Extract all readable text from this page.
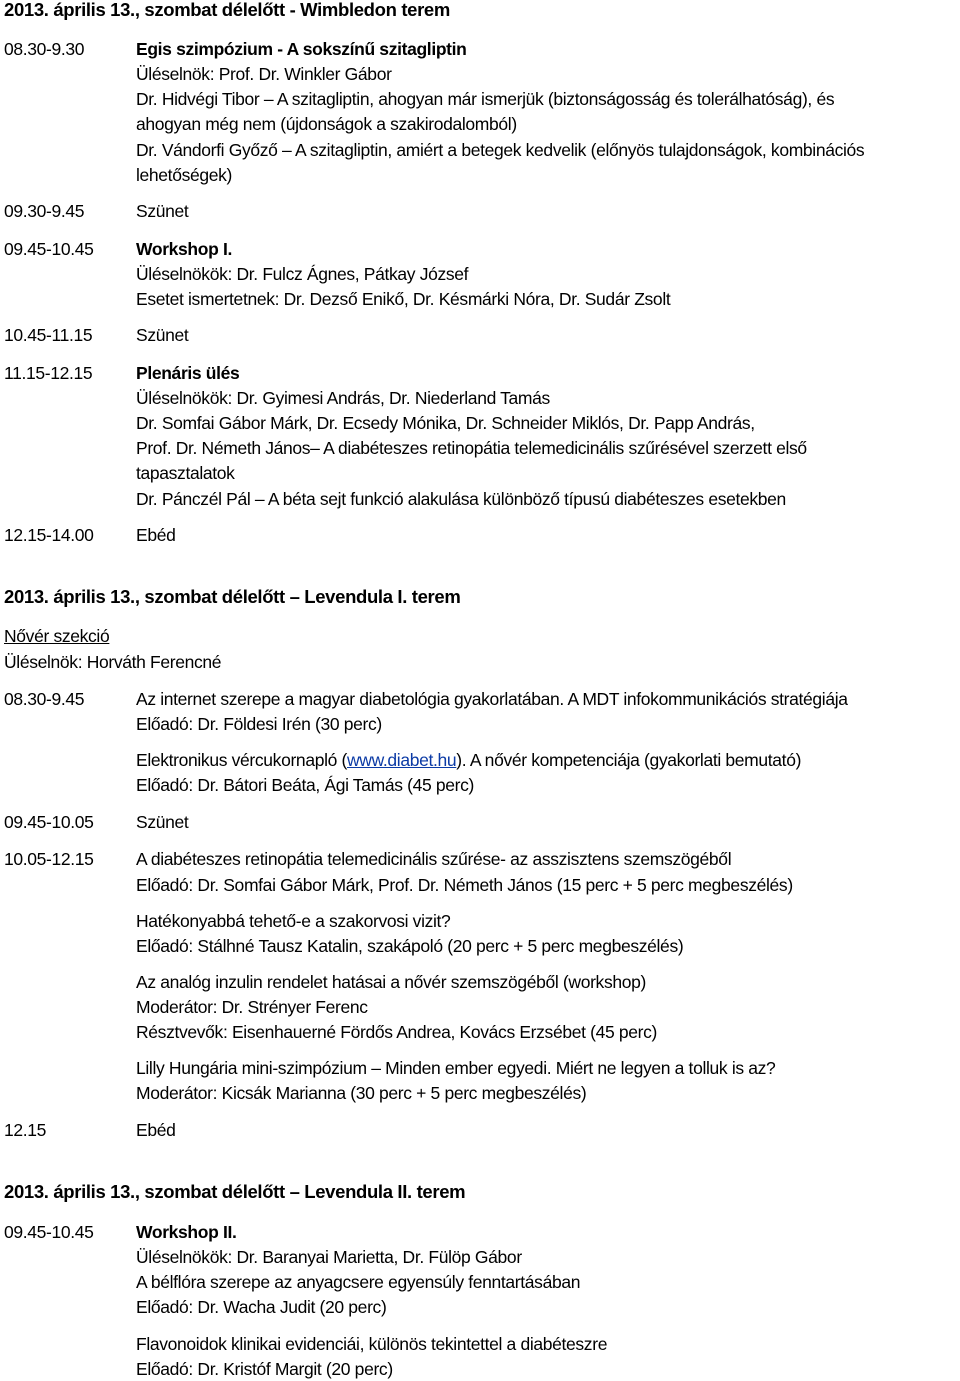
2013. április 13., szombat délelőtt - Wimbledon terem
08.30-9.30	Egis szimpózium - A sokszínű szitagliptin
Üléselnök: Prof. Dr. Winkler Gábor
Dr. Hidvégi Tibor – A szitagliptin, ahogyan már ismerjük (biztonságosság és tolerálhatóság), és
ahogyan még nem (újdonságok a szakirodalomból)
Dr. Vándorfi Győző – A szitagliptin, amiért a betegek kedvelik (előnyös tulajdonságok, kombinációs
lehetőségek)
09.30-9.45	Szünet
09.45-10.45 Workshop I.
Üléselnökök: Dr. Fulcz Ágnes, Pátkay József
Esetet ismertetnek: Dr. Dezső Enikő, Dr. Késmárki Nóra, Dr. Sudár Zsolt
10.45-11.15 Szünet
11.15-12.15 Plenáris ülés
Üléselnökök: Dr. Gyimesi András, Dr. Niederland Tamás
Dr. Somfai Gábor Márk, Dr. Ecsedy Mónika, Dr. Schneider Miklós, Dr. Papp András,
Prof. Dr. Németh János– A diabéteszes retinopátia telemedicinális szűrésével szerzett első
tapasztalatok
Dr. Pánczél Pál – A béta sejt funkció alakulása különböző típusú diabéteszes esetekben
12.15-14.00 Ebéd
2013. április 13., szombat délelőtt – Levendula I. terem
Nővér szekció
Üléselnök: Horváth Ferencné
08.30-9.45	Az internet szerepe a magyar diabetológia gyakorlatában. A MDT infokommunikációs stratégiája
Előadó: Dr. Földesi Irén (30 perc)
Elektronikus vércukornapló (www.diabet.hu). A nővér kompetenciája (gyakorlati bemutató)
Előadó: Dr. Bátori Beáta, Ági Tamás (45 perc)
09.45-10.05 Szünet
10.05-12.15 A diabéteszes retinopátia telemedicinális szűrése- az asszisztens szemszögéből
Előadó: Dr. Somfai Gábor Márk, Prof. Dr. Németh János (15 perc + 5 perc megbeszélés)
Hatékonyabbá tehető-e a szakorvosi vizit?
Előadó: Stálhné Tausz Katalin, szakápoló (20 perc + 5 perc megbeszélés)
Az analóg inzulin rendelet hatásai a nővér szemszögéből (workshop)
Moderátor: Dr. Strényer Ferenc
Résztvevők: Eisenhauerné Fördős Andrea, Kovács Erzsébet (45 perc)
Lilly Hungária mini-szimpózium – Minden ember egyedi. Miért ne legyen a tolluk is az?
Moderátor: Kicsák Marianna (30 perc + 5 perc megbeszélés)
12.15	Ebéd
2013. április 13., szombat délelőtt – Levendula II. terem
09.45-10.45 Workshop II.
Üléselnökök: Dr. Baranyai Marietta, Dr. Fülöp Gábor
A bélflóra szerepe az anyagcsere egyensúly fenntartásában
Előadó: Dr. Wacha Judit (20 perc)
Flavonoidok klinikai evidenciái, különös tekintettel a diabéteszre
Előadó: Dr. Kristóf Margit (20 perc)
